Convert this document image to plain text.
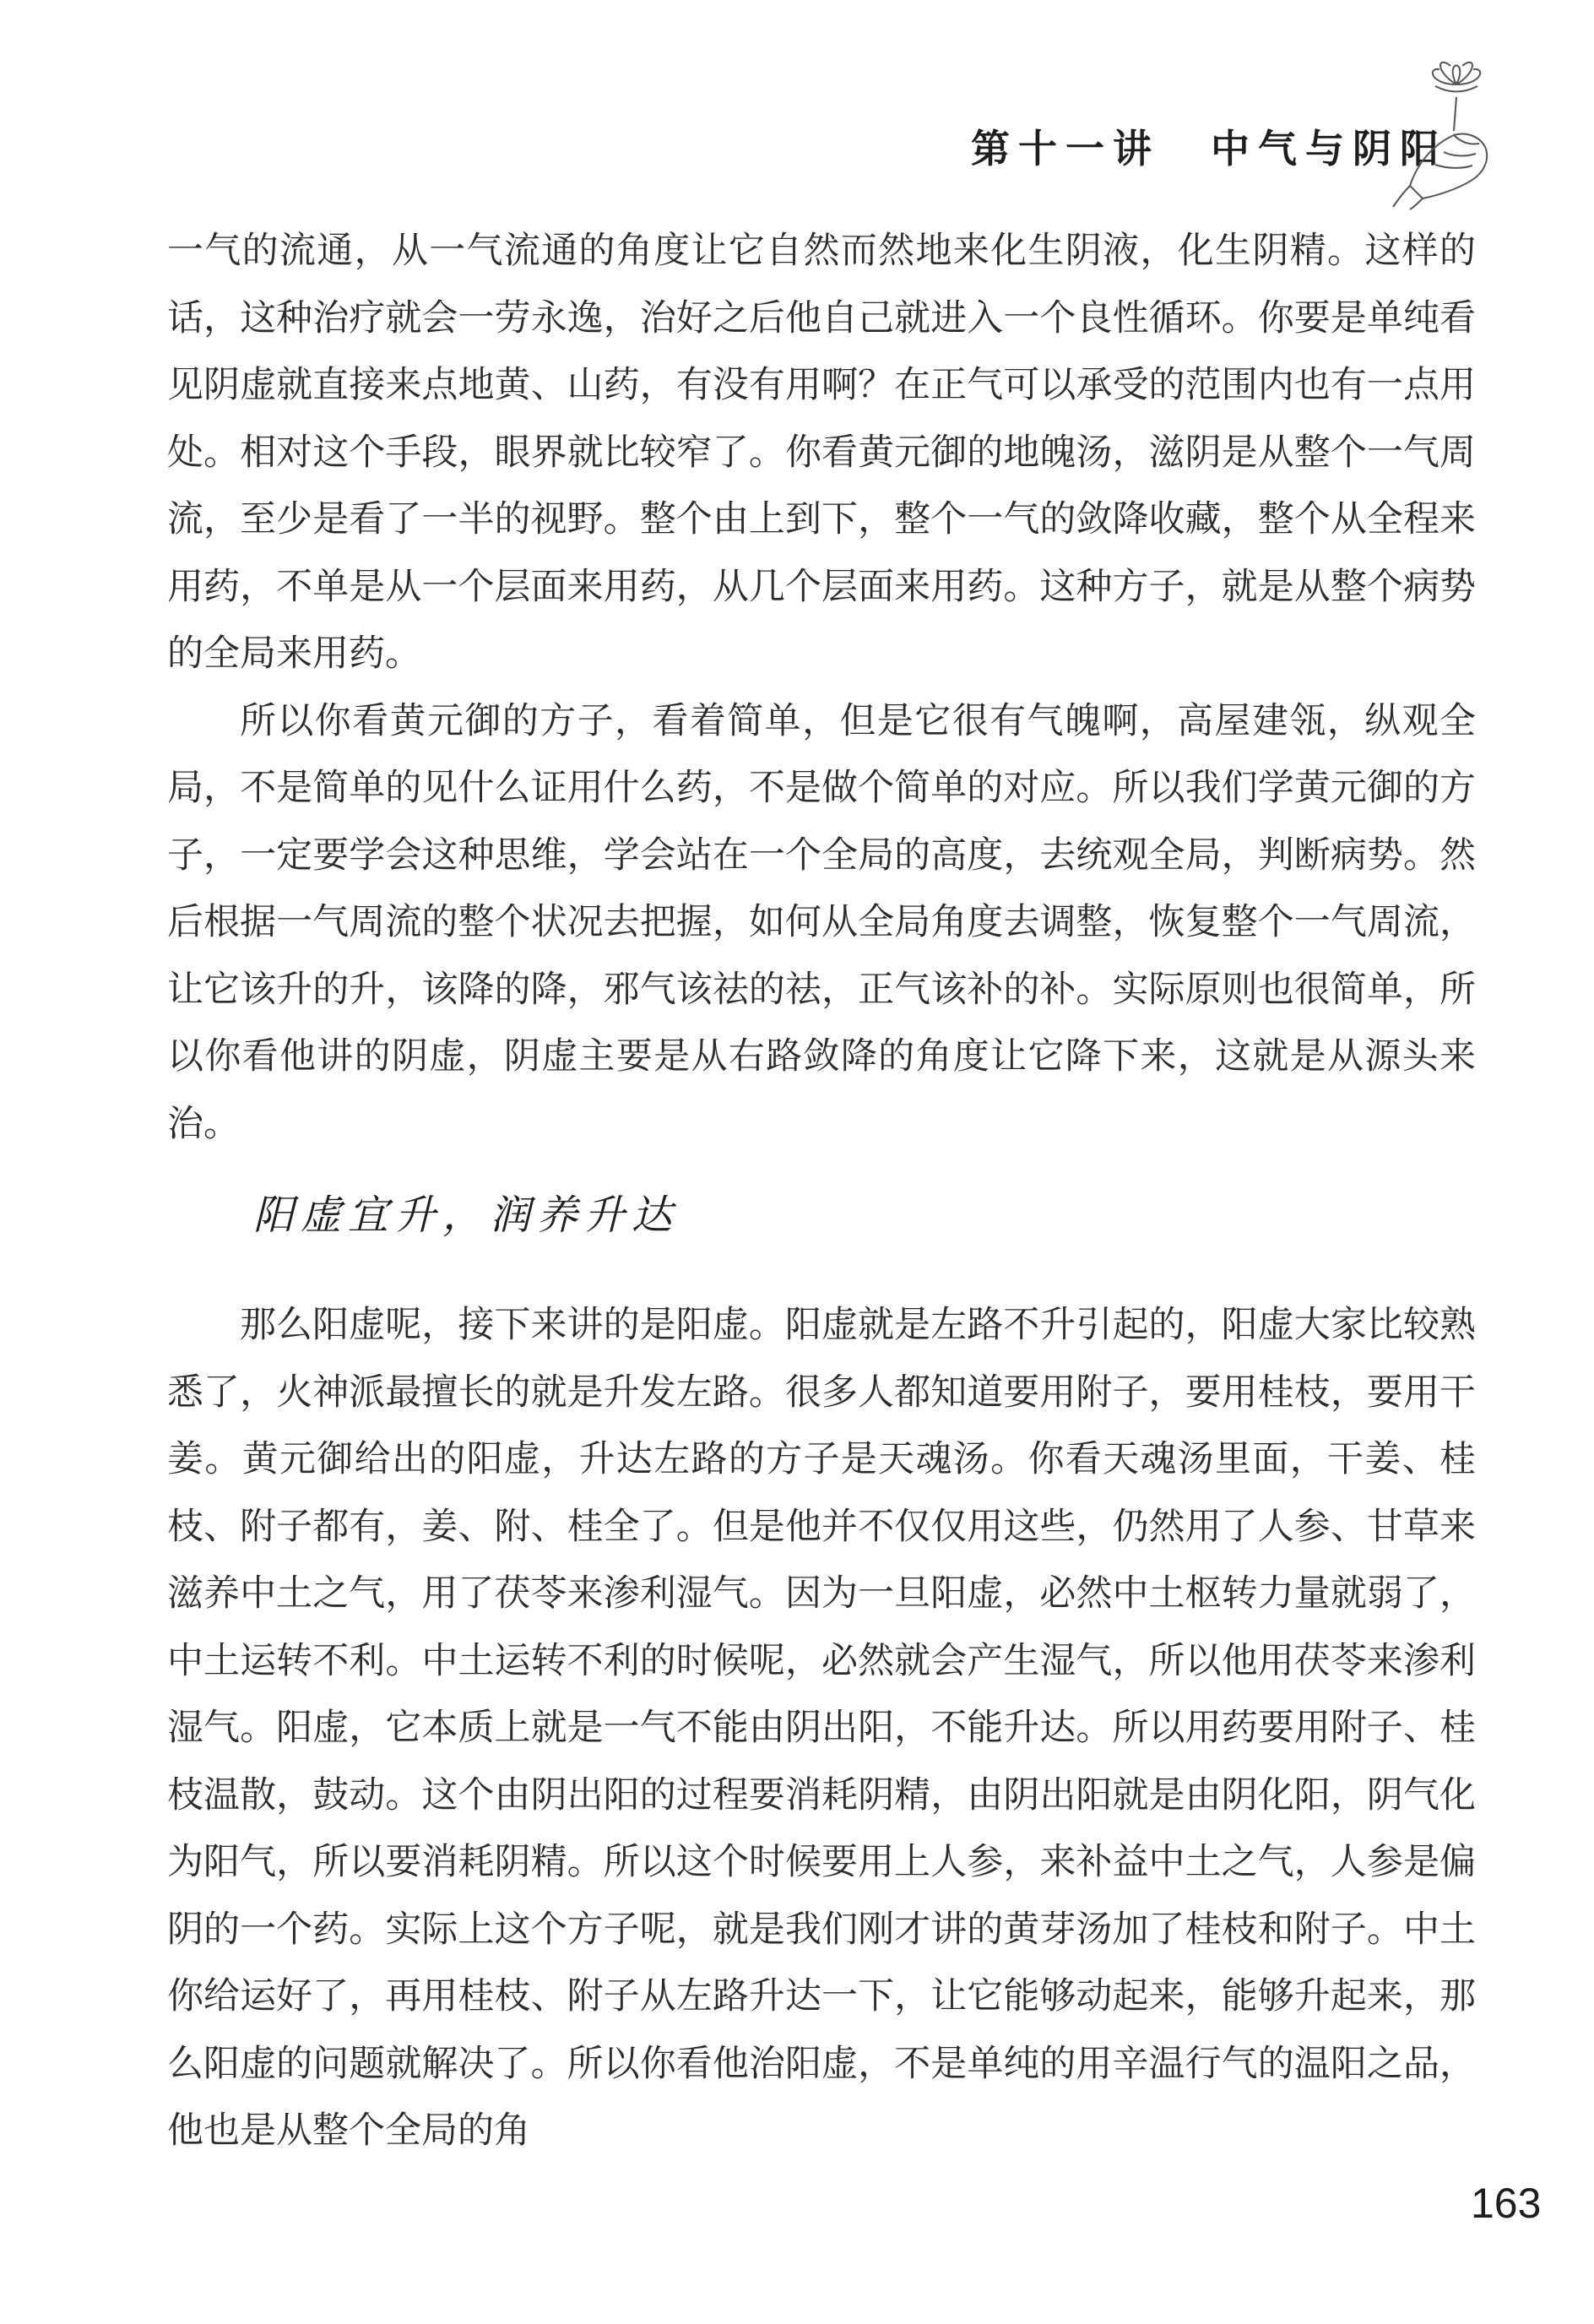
第十一讲 中气与阴阳

一气的流通，从一气流通的角度让它自然而然地来化生阴液，化生阴精。这样的话，这种治疗就会一劳永逸，治好之后他自己就进入一个良性循环。你要是单纯看见阴虚就直接来点地黄、山药，有没有用啊？在正气可以承受的范围内也有一点用处。相对这个手段，眼界就比较窄了。你看黄元御的地魄汤，滋阴是从整个一气周流，至少是看了一半的视野。整个由上到下，整个一气的敛降收藏，整个从全程来用药，不单是从一个层面来用药，从几个层面来用药。这种方子，就是从整个病势的全局来用药。

所以你看黄元御的方子，看着简单，但是它很有气魄啊，高屋建瓴，纵观全局，不是简单的见什么证用什么药，不是做个简单的对应。所以我们学黄元御的方子，一定要学会这种思维，学会站在一个全局的高度，去统观全局，判断病势。然后根据一气周流的整个状况去把握，如何从全局角度去调整，恢复整个一气周流，让它该升的升，该降的降，邪气该祛的祛，正气该补的补。实际原则也很简单，所以你看他讲的阴虚，阴虚主要是从右路敛降的角度让它降下来，这就是从源头来治。

阳虚宜升，润养升达

那么阳虚呢，接下来讲的是阳虚。阳虚就是左路不升引起的，阳虚大家比较熟悉了，火神派最擅长的就是升发左路。很多人都知道要用附子，要用桂枝，要用干姜。黄元御给出的阳虚，升达左路的方子是天魂汤。你看天魂汤里面，干姜、桂枝、附子都有，姜、附、桂全了。但是他并不仅仅用这些，仍然用了人参、甘草来滋养中土之气，用了茯苓来渗利湿气。因为一旦阳虚，必然中土枢转力量就弱了，中土运转不利。中土运转不利的时候呢，必然就会产生湿气，所以他用茯苓来渗利湿气。阳虚，它本质上就是一气不能由阴出阳，不能升达。所以用药要用附子、桂枝温散，鼓动。这个由阴出阳的过程要消耗阴精，由阴出阳就是由阴化阳，阴气化为阳气，所以要消耗阴精。所以这个时候要用上人参，来补益中土之气，人参是偏阴的一个药。实际上这个方子呢，就是我们刚才讲的黄芽汤加了桂枝和附子。中土你给运好了，再用桂枝、附子从左路升达一下，让它能够动起来，能够升起来，那么阳虚的问题就解决了。所以你看他治阳虚，不是单纯的用辛温行气的温阳之品，他也是从整个全局的角

163
